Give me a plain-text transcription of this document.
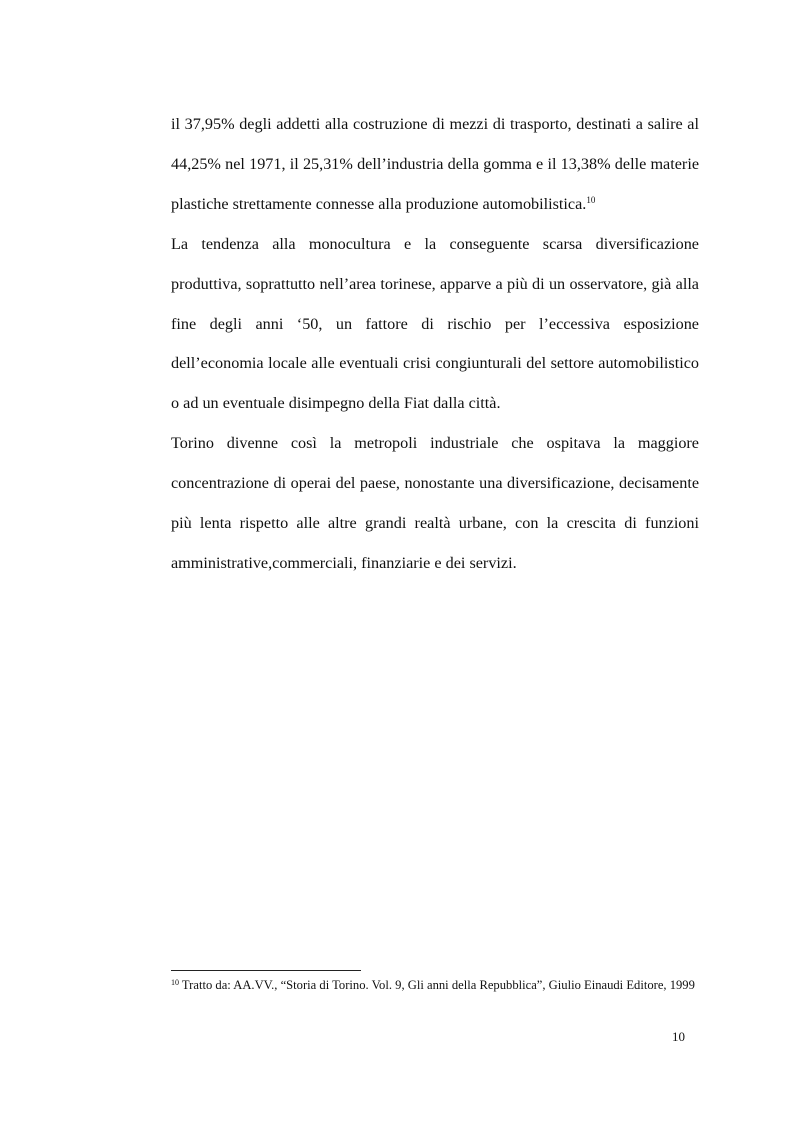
il 37,95% degli addetti alla costruzione di mezzi di trasporto, destinati a salire al 44,25% nel 1971, il 25,31% dell’industria della gomma e il 13,38% delle materie plastiche strettamente connesse alla produzione automobilistica.$^{10}$

La tendenza alla monocultura e la conseguente scarsa diversificazione produttiva, soprattutto nell’area torinese, apparve a più di un osservatore, già alla fine degli anni ‘50, un fattore di rischio per l’eccessiva esposizione dell’economia locale alle eventuali crisi congiunturali del settore automobilistico o ad un eventuale disimpegno della Fiat dalla città.

Torino divenne così la metropoli industriale che ospitava la maggiore concentrazione di operai del paese, nonostante una diversificazione, decisamente più lenta rispetto alle altre grandi realtà urbane, con la crescita di funzioni amministrative,commerciali, finanziarie e dei servizi.

$^{10}$ Tratto da: AA.VV., “Storia di Torino. Vol. 9, Gli anni della Repubblica”, Giulio Einaudi Editore, 1999
10
